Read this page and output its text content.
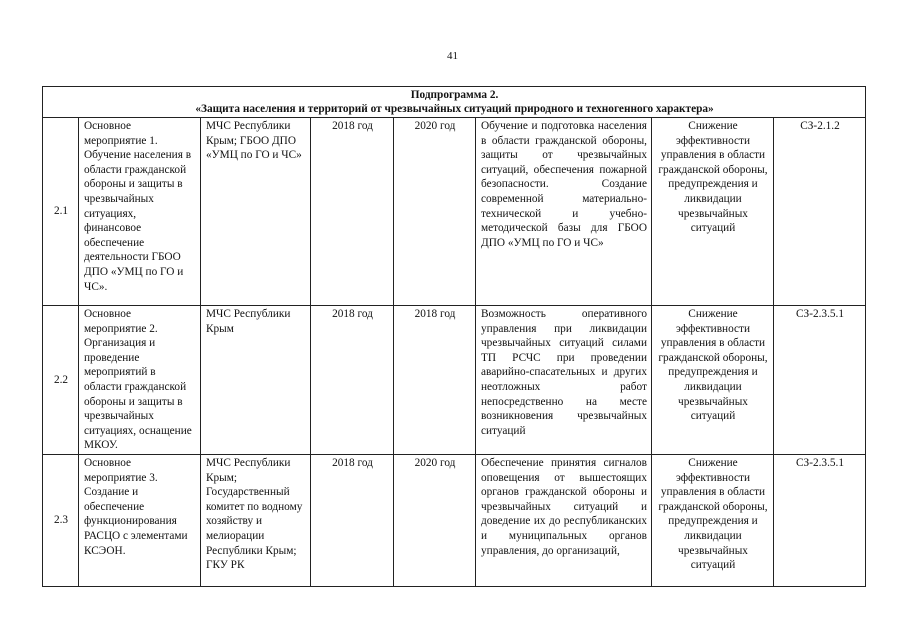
41
Подпрограмма 2.
«Защита населения и территорий от чрезвычайных ситуаций природного и техногенного характера»							

2.1	Основное мероприятие 1. Обучение населения в области гражданской обороны и защиты в чрезвычайных ситуациях, финансовое обеспечение деятельности ГБОО ДПО «УМЦ по ГО и ЧС».	МЧС Республики Крым; ГБОО ДПО «УМЦ по ГО и ЧС»	2018 год	2020 год	Обучение и подготовка населения в области гражданской обороны, защиты от чрезвычайных ситуаций, обеспечения пожарной безопасности. Создание современной материально-технической и учебно-методической базы для ГБОО ДПО «УМЦ по ГО и ЧС»	Снижение эффективности управления в области гражданской обороны, предупреждения и ликвидации чрезвычайных ситуаций	СЗ-2.1.2
2.2	Основное мероприятие 2. Организация и проведение мероприятий в области гражданской обороны и защиты в чрезвычайных ситуациях, оснащение МКОУ.	МЧС Республики Крым	2018 год	2018 год	Возможность оперативного управления при ликвидации чрезвычайных ситуаций силами ТП РСЧС при проведении аварийно-спасательных и других неотложных работ непосредственно на месте возникновения чрезвычайных ситуаций	Снижение эффективности управления в области гражданской обороны, предупреждения и ликвидации чрезвычайных ситуаций	СЗ-2.3.5.1
2.3	Основное мероприятие 3. Создание и обеспечение функционирования РАСЦО с элементами КСЭОН.	МЧС Республики Крым; Государственный комитет по водному хозяйству и мелиорации Республики Крым; ГКУ РК	2018 год	2020 год	Обеспечение принятия сигналов оповещения от вышестоящих органов гражданской обороны и чрезвычайных ситуаций и доведение их до республиканских и муниципальных органов управления, до организаций,	Снижение эффективности управления в области гражданской обороны, предупреждения и ликвидации чрезвычайных ситуаций	СЗ-2.3.5.1
